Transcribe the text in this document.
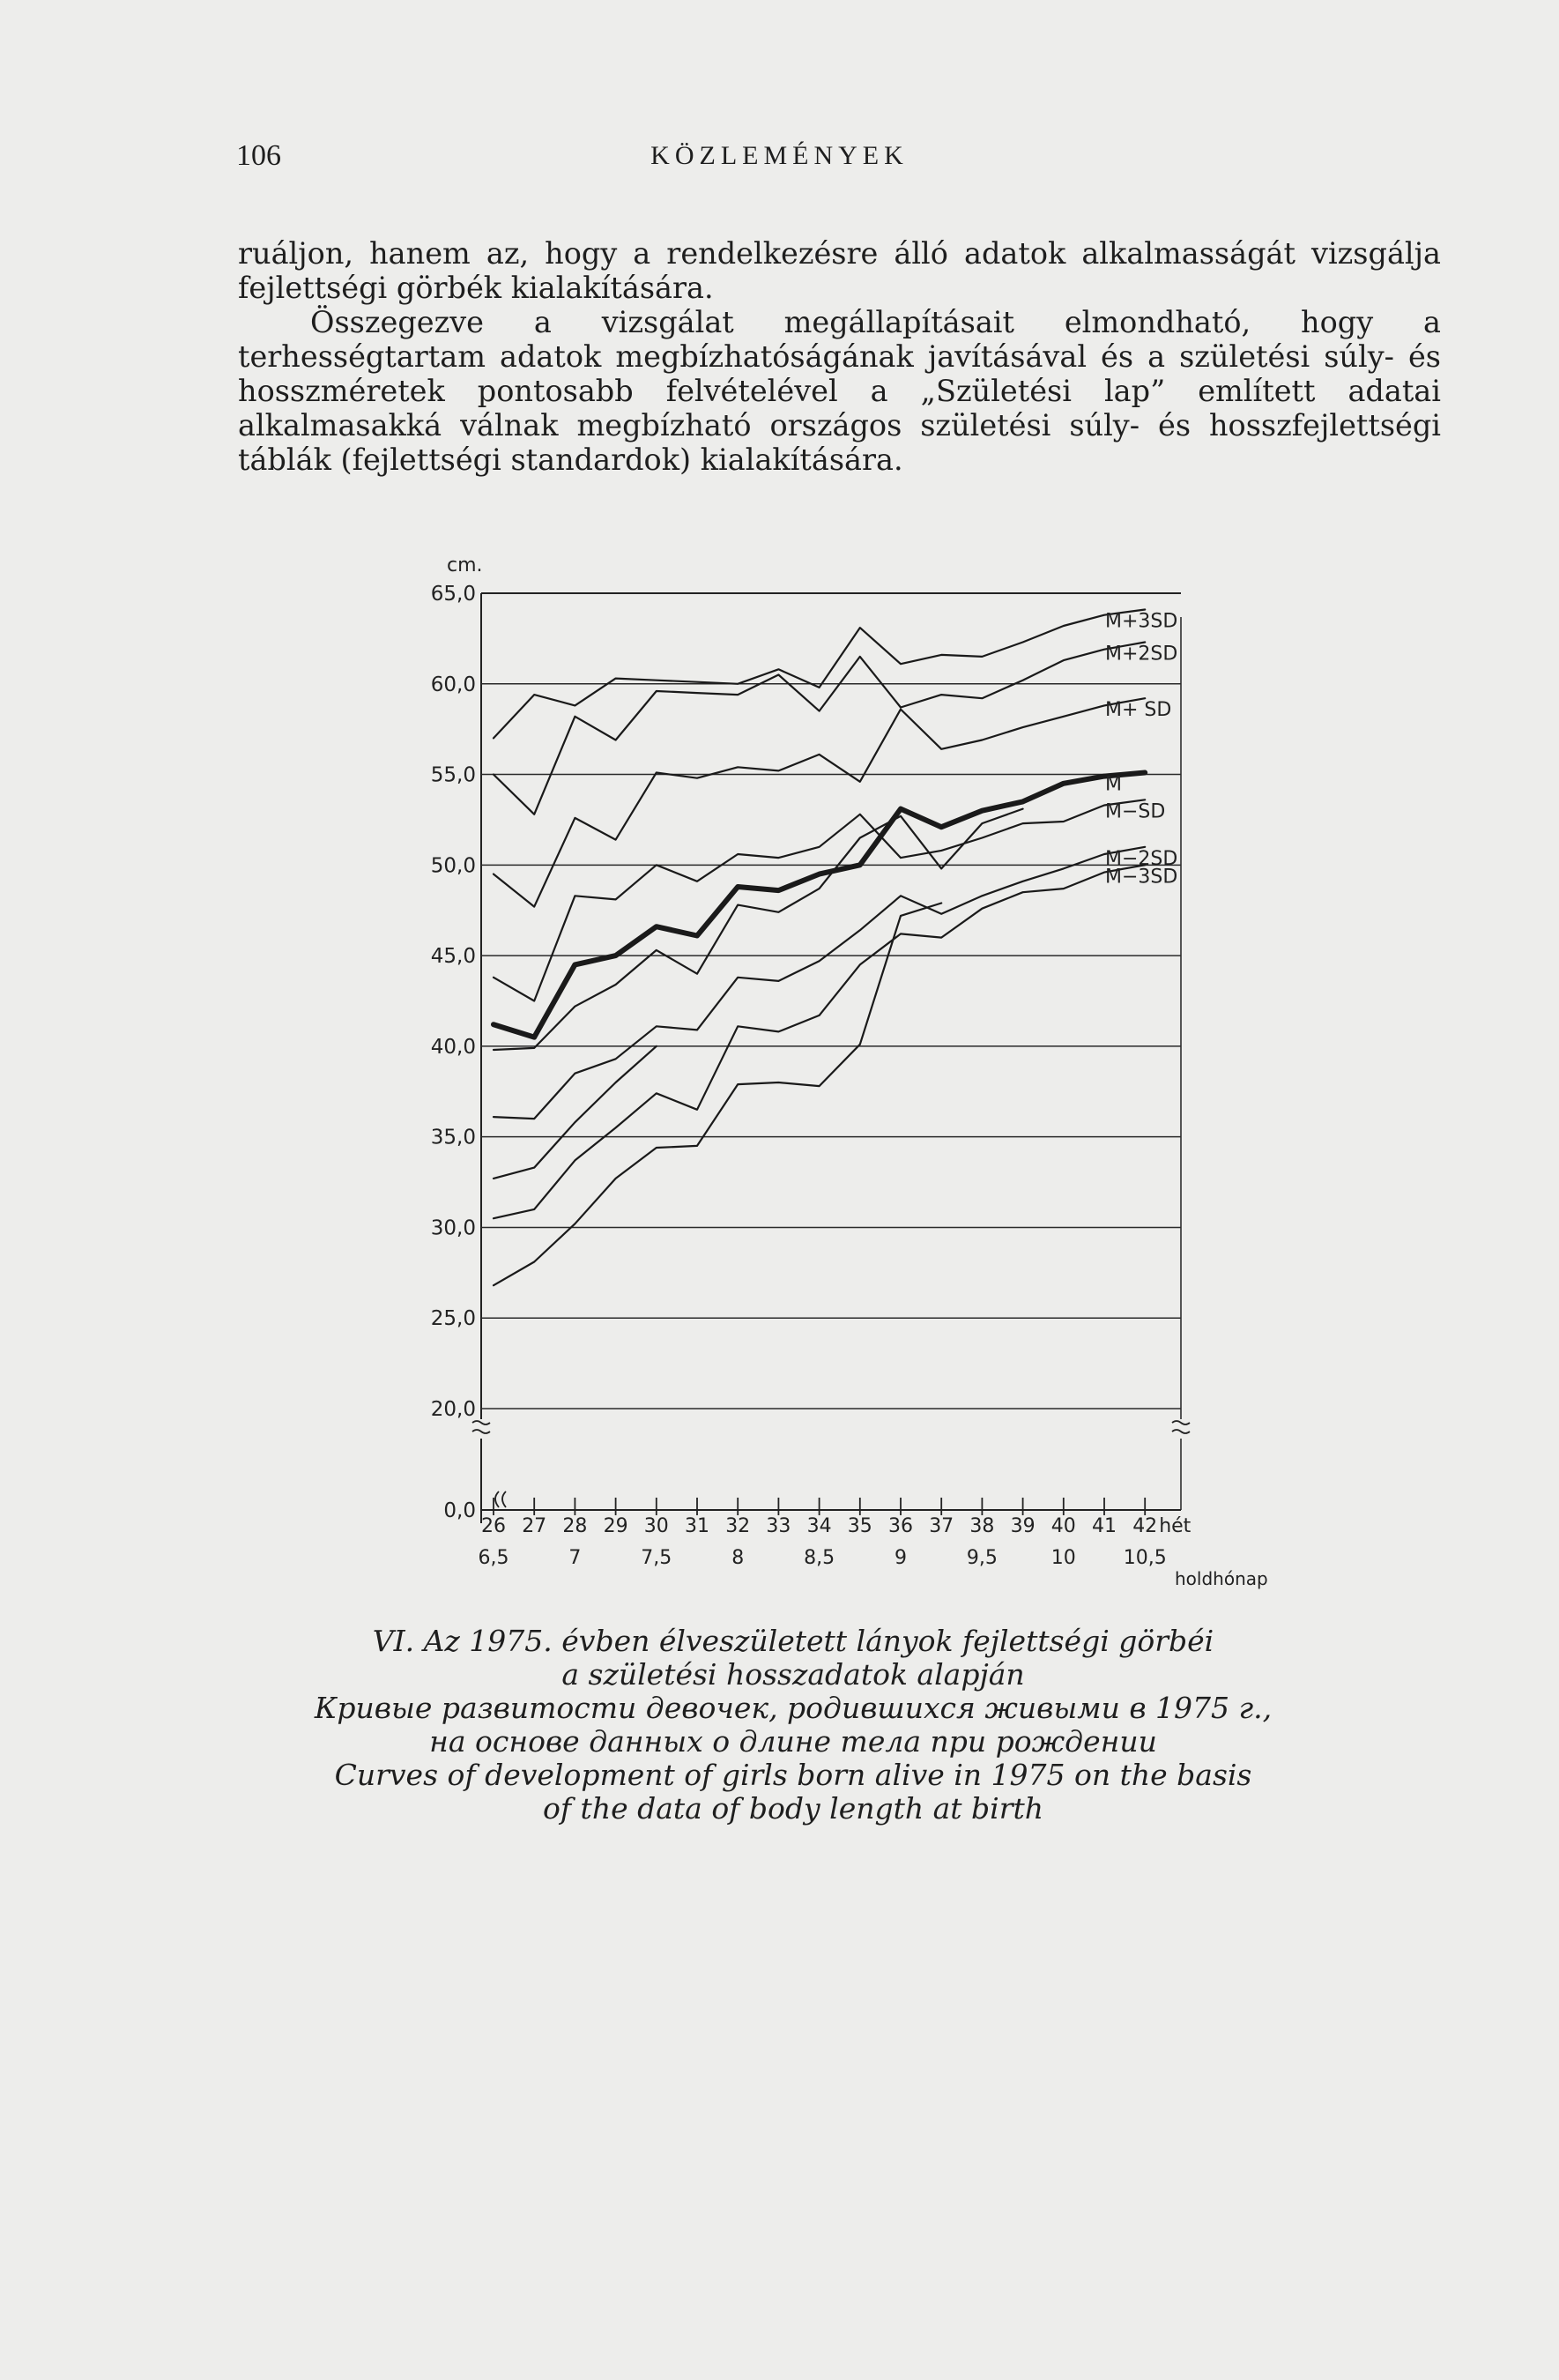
106	KÖZLEMÉNYEK

ruáljon, hanem az, hogy a rendelkezésre álló adatok alkalmasságát vizsgálja fejlettségi görbék kialakítására.

Összegezve a vizsgálat megállapításait elmondható, hogy a terhességtartam adatok megbízhatóságának javításával és a születési súly- és hosszméretek pontosabb felvételével a „Születési lap” említett adatai alkalmasakká válnak megbízható országos születési súly- és hosszfejlettségi táblák (fejlettségi standardok) kialakítására.

65,0
60,0
55,0
50,0
45,0
40,0
35,0
30,0
25,0
20,0
0,0
cm.
26 27 28 29 30 31 32 33 34 35 36 37 38 39 40 41 42 hét
6,5	7	7,5	8	8,5	9	9,5	10 10,5
holdhónap
M+3SD
M+2SD
M+ SD
M
M−SD
M−2SD
M−3SD
VI. Az 1975. évben élveszületett lányok fejlettségi görbéi
a születési hosszadatok alapján
Кривые развитости девочек, родившихся живыми в 1975 г.,
на основе данных о длине тела при рождении
Curves of development of girls born alive in 1975 on the basis
of the data of body length at birth
